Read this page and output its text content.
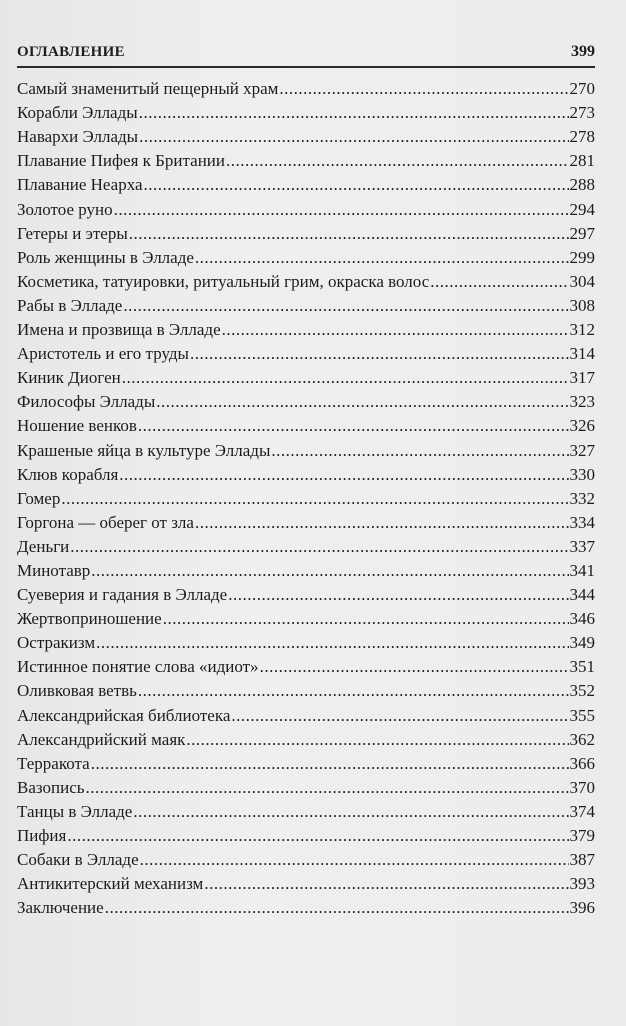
ОГЛАВЛЕНИЕ	399
Самый знаменитый пещерный храм .....	270
Корабли Эллады .....	273
Наварxи Эллады .....	278
Плавание Пифея к Британии .....	281
Плавание Неарха .....	288
Золотое руно .....	294
Гетеры и этеры .....	297
Роль женщины в Элладе .....	299
Косметика, татуировки, ритуальный грим, окраска волос .....	304
Рабы в Элладе .....	308
Имена и прозвища в Элладе .....	312
Аристотель и его труды .....	314
Киник Диоген .....	317
Философы Эллады .....	323
Ношение венков .....	326
Крашеные яйца в культуре Эллады .....	327
Клюв корабля .....	330
Гомер .....	332
Горгона — оберег от зла .....	334
Деньги .....	337
Минотавр .....	341
Суеверия и гадания в Элладе .....	344
Жертвоприношение .....	346
Остракизм .....	349
Истинное понятие слова «идиот» .....	351
Оливковая ветвь .....	352
Александрийская библиотека .....	355
Александрийский маяк .....	362
Терракота .....	366
Вазопись .....	370
Танцы в Элладе .....	374
Пифия .....	379
Собаки в Элладе .....	387
Антикитерский механизм .....	393
Заключение .....	396
